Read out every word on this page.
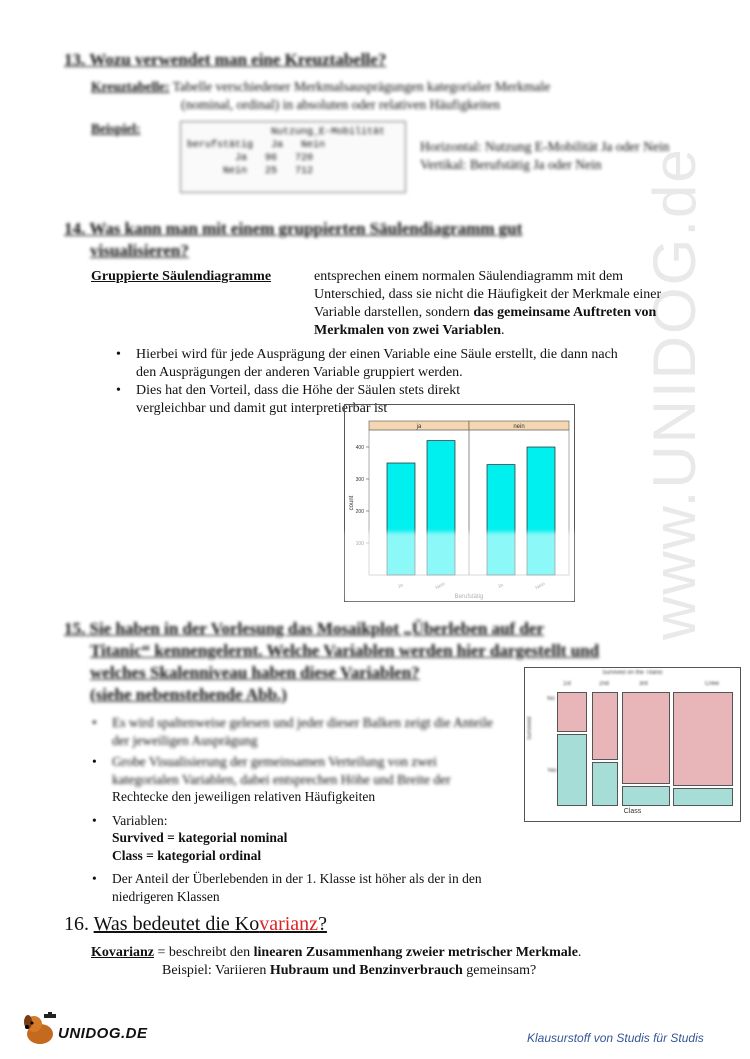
www.UNIDOG.de
13. Wozu verwendet man eine Kreuztabelle?
Kreuztabelle: Tabelle verschiedener Merkmalsausprägungen kategorialer Merkmale
(nominal, ordinal) in absoluten oder relativen Häufigkeiten
Beispiel:	Nutzung_E-Mobilität
berufstätig   Ja   Nein
Ja   96   720
Nein   25   712
Horizontal: Nutzung E-Mobilität Ja oder Nein
Vertikal: Berufstätig Ja oder Nein
14. Was kann man mit einem gruppierten Säulendiagramm gut
visualisieren?
Gruppierte Säulendiagramme	entsprechen einem normalen Säulendiagramm mit dem Unterschied, dass sie nicht die Häufigkeit der Merkmale einer Variable darstellen, sondern das gemeinsame Auftreten von Merkmalen von zwei Variablen.
• Hierbei wird für jede Ausprägung der einen Variable eine Säule erstellt, die dann nach den Ausprägungen der anderen Variable gruppiert werden.
• Dies hat den Vorteil, dass die Höhe der Säulen stets direkt vergleichbar und damit gut interpretierbar ist
ja	nein
200
300
400
count
15. Sie haben in der Vorlesung das Mosaikplot „Überleben auf der
Titanic“ kennengelernt. Welche Variablen werden hier dargestellt und
welches Skalenniveau haben diese Variablen?
(siehe nebenstehende Abb.)
• Es wird spaltenweise gelesen und jeder dieser Balken zeigt die Anteile der jeweiligen Ausprägung
• Grobe Visualisierung der gemeinsamen Verteilung von zwei kategorialen Variablen, dabei entsprechen Höhe und Breite der
Rechtecke den jeweiligen relativen Häufigkeiten
• Variablen:
Survived = kategorial nominal
Class = kategorial ordinal
• Der Anteil der Überlebenden in der 1. Klasse ist höher als der in den niedrigeren Klassen
Survived on the Titanic
1st	2nd	3rd	Crew
Survived
No
Yes
Class
16. Was bedeutet die Kovarianz?
Kovarianz = beschreibt den linearen Zusammenhang zweier metrischer Merkmale.
Beispiel: Variieren Hubraum und Benzinverbrauch gemeinsam?
UNIDOG.DE	Klausurstoff von Studis für Studis
